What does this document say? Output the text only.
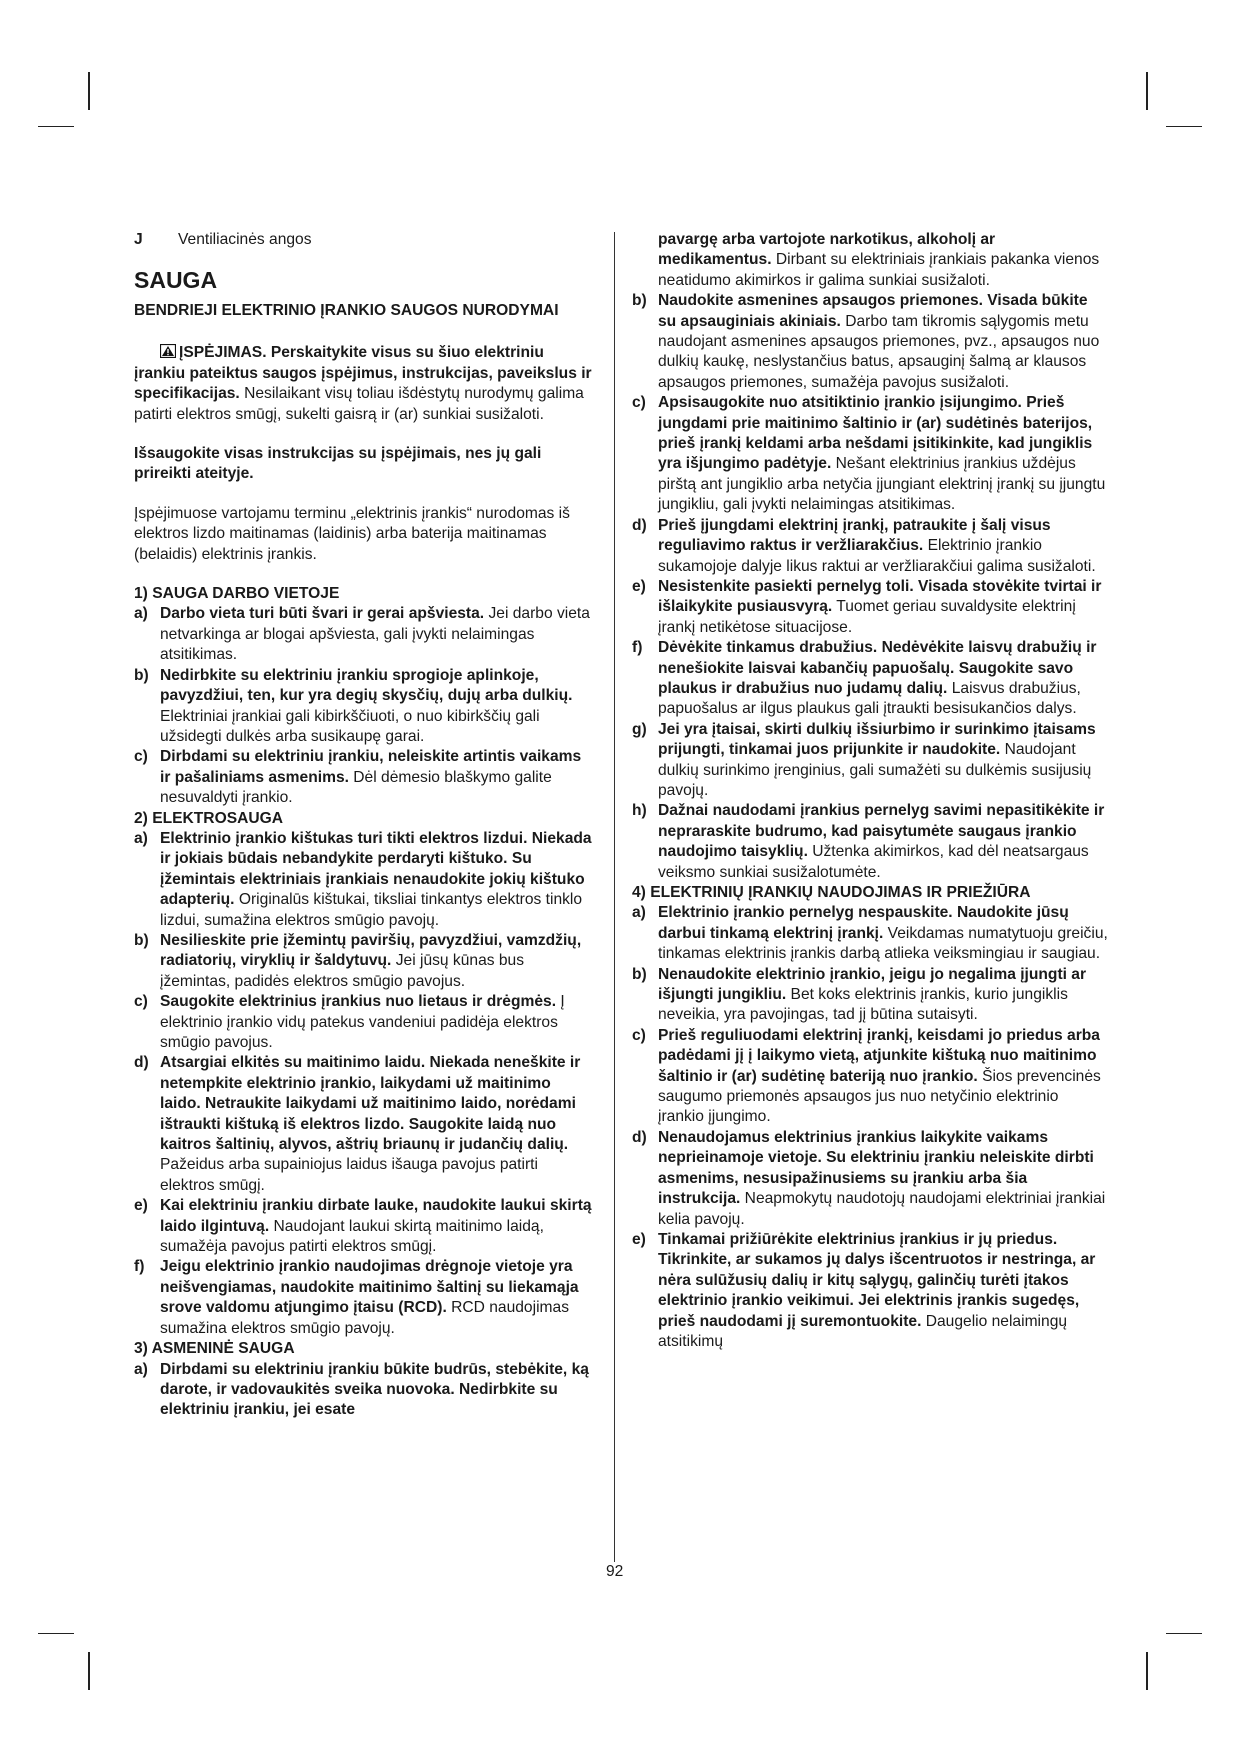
J	Ventiliacinės angos
SAUGA
BENDRIEJI ELEKTRINIO ĮRANKIO SAUGOS NURODYMAI
ĮSPĖJIMAS. Perskaitykite visus su šiuo elektriniu įrankiu pateiktus saugos įspėjimus, instrukcijas, paveikslus ir specifikacijas. Nesilaikant visų toliau išdėstytų nurodymų galima patirti elektros smūgį, sukelti gaisrą ir (ar) sunkiai susižaloti.
Išsaugokite visas instrukcijas su įspėjimais, nes jų gali prireikti ateityje.
Įspėjimuose vartojamu terminu „elektrinis įrankis“ nurodomas iš elektros lizdo maitinamas (laidinis) arba baterija maitinamas (belaidis) elektrinis įrankis.
1) SAUGA DARBO VIETOJE
a) Darbo vieta turi būti švari ir gerai apšviesta. Jei darbo vieta netvarkinga ar blogai apšviesta, gali įvykti nelaimingas atsitikimas.
b) Nedirbkite su elektriniu įrankiu sprogioje aplinkoje, pavyzdžiui, ten, kur yra degių skysčių, dujų arba dulkių. Elektriniai įrankiai gali kibirkščiuoti, o nuo kibirkščių gali užsidegti dulkės arba susikaupę garai.
c) Dirbdami su elektriniu įrankiu, neleiskite artintis vaikams ir pašaliniams asmenims. Dėl dėmesio blaškymo galite nesuvaldyti įrankio.
2) ELEKTROSAUGA
a) Elektrinio įrankio kištukas turi tikti elektros lizdui. Niekada ir jokiais būdais nebandykite perdaryti kištuko. Su įžemintais elektriniais įrankiais nenaudokite jokių kištuko adapterių. Originalūs kištukai, tiksliai tinkantys elektros tinklo lizdui, sumažina elektros smūgio pavojų.
b) Nesilieskite prie įžemintų paviršių, pavyzdžiui, vamzdžių, radiatorių, viryklių ir šaldytuvų. Jei jūsų kūnas bus įžemintas, padidės elektros smūgio pavojus.
c) Saugokite elektrinius įrankius nuo lietaus ir drėgmės. Į elektrinio įrankio vidų patekus vandeniui padidėja elektros smūgio pavojus.
d) Atsargiai elkitės su maitinimo laidu. Niekada neneškite ir netempkite elektrinio įrankio, laikydami už maitinimo laido. Netraukite laikydami už maitinimo laido, norėdami ištraukti kištuką iš elektros lizdo. Saugokite laidą nuo kaitros šaltinių, alyvos, aštrių briaunų ir judančių dalių. Pažeidus arba supainiojus laidus išauga pavojus patirti elektros smūgį.
e) Kai elektriniu įrankiu dirbate lauke, naudokite laukui skirtą laido ilgintuvą. Naudojant laukui skirtą maitinimo laidą, sumažėja pavojus patirti elektros smūgį.
f) Jeigu elektrinio įrankio naudojimas drėgnoje vietoje yra neišvengiamas, naudokite maitinimo šaltinį su liekamąja srove valdomu atjungimo įtaisu (RCD). RCD naudojimas sumažina elektros smūgio pavojų.
3) ASMENINĖ SAUGA
a) Dirbdami su elektriniu įrankiu būkite budrūs, stebėkite, ką darote, ir vadovaukitės sveika nuovoka. Nedirbkite su elektriniu įrankiu, jei esate
pavargę arba vartojote narkotikus, alkoholį ar medikamentus. Dirbant su elektriniais įrankiais pakanka vienos neatidumo akimirkos ir galima sunkiai susižaloti.
b) Naudokite asmenines apsaugos priemones. Visada būkite su apsauginiais akiniais. Darbo tam tikromis sąlygomis metu naudojant asmenines apsaugos priemones, pvz., apsaugos nuo dulkių kaukę, neslystančius batus, apsauginį šalmą ar klausos apsaugos priemones, sumažėja pavojus susižaloti.
c) Apsisaugokite nuo atsitiktinio įrankio įsijungimo. Prieš jungdami prie maitinimo šaltinio ir (ar) sudėtinės baterijos, prieš įrankį keldami arba nešdami įsitikinkite, kad jungiklis yra išjungimo padėtyje. Nešant elektrinius įrankius uždėjus pirštą ant jungiklio arba netyčia įjungiant elektrinį įrankį su įjungtu jungikliu, gali įvykti nelaimingas atsitikimas.
d) Prieš įjungdami elektrinį įrankį, patraukite į šalį visus reguliavimo raktus ir veržliarakčius. Elektrinio įrankio sukamojoje dalyje likus raktui ar veržliarakčiui galima susižaloti.
e) Nesistenkite pasiekti pernelyg toli. Visada stovėkite tvirtai ir išlaikykite pusiausvyrą. Tuomet geriau suvaldysite elektrinį įrankį netikėtose situacijose.
f) Dėvėkite tinkamus drabužius. Nedėvėkite laisvų drabužių ir nenešiokite laisvai kabančių papuošalų. Saugokite savo plaukus ir drabužius nuo judamų dalių. Laisvus drabužius, papuošalus ar ilgus plaukus gali įtraukti besisukančios dalys.
g) Jei yra įtaisai, skirti dulkių išsiurbimo ir surinkimo įtaisams prijungti, tinkamai juos prijunkite ir naudokite. Naudojant dulkių surinkimo įrenginius, gali sumažėti su dulkėmis susijusių pavojų.
h) Dažnai naudodami įrankius pernelyg savimi nepasitikėkite ir nepraraskite budrumo, kad paisytumėte saugaus įrankio naudojimo taisyklių. Užtenka akimirkos, kad dėl neatsargaus veiksmo sunkiai susižalotumėte.
4) ELEKTRINIŲ ĮRANKIŲ NAUDOJIMAS IR PRIEŽIŪRA
a) Elektrinio įrankio pernelyg nespauskite. Naudokite jūsų darbui tinkamą elektrinį įrankį. Veikdamas numatytuoju greičiu, tinkamas elektrinis įrankis darbą atlieka veiksmingiau ir saugiau.
b) Nenaudokite elektrinio įrankio, jeigu jo negalima įjungti ar išjungti jungikliu. Bet koks elektrinis įrankis, kurio jungiklis neveikia, yra pavojingas, tad jį būtina sutaisyti.
c) Prieš reguliuodami elektrinį įrankį, keisdami jo priedus arba padėdami jį į laikymo vietą, atjunkite kištuką nuo maitinimo šaltinio ir (ar) sudėtinę bateriją nuo įrankio. Šios prevencinės saugumo priemonės apsaugos jus nuo netyčinio elektrinio įrankio įjungimo.
d) Nenaudojamus elektrinius įrankius laikykite vaikams neprieinamoje vietoje. Su elektriniu įrankiu neleiskite dirbti asmenims, nesusipažinusiems su įrankiu arba šia instrukcija. Neapmokytų naudotojų naudojami elektriniai įrankiai kelia pavojų.
e) Tinkamai prižiūrėkite elektrinius įrankius ir jų priedus. Tikrinkite, ar sukamos jų dalys išcentruotos ir nestringa, ar nėra sulūžusių dalių ir kitų sąlygų, galinčių turėti įtakos elektrinio įrankio veikimui. Jei elektrinis įrankis sugedęs, prieš naudodami jį suremontuokite. Daugelio nelaimingų atsitikimų
92
